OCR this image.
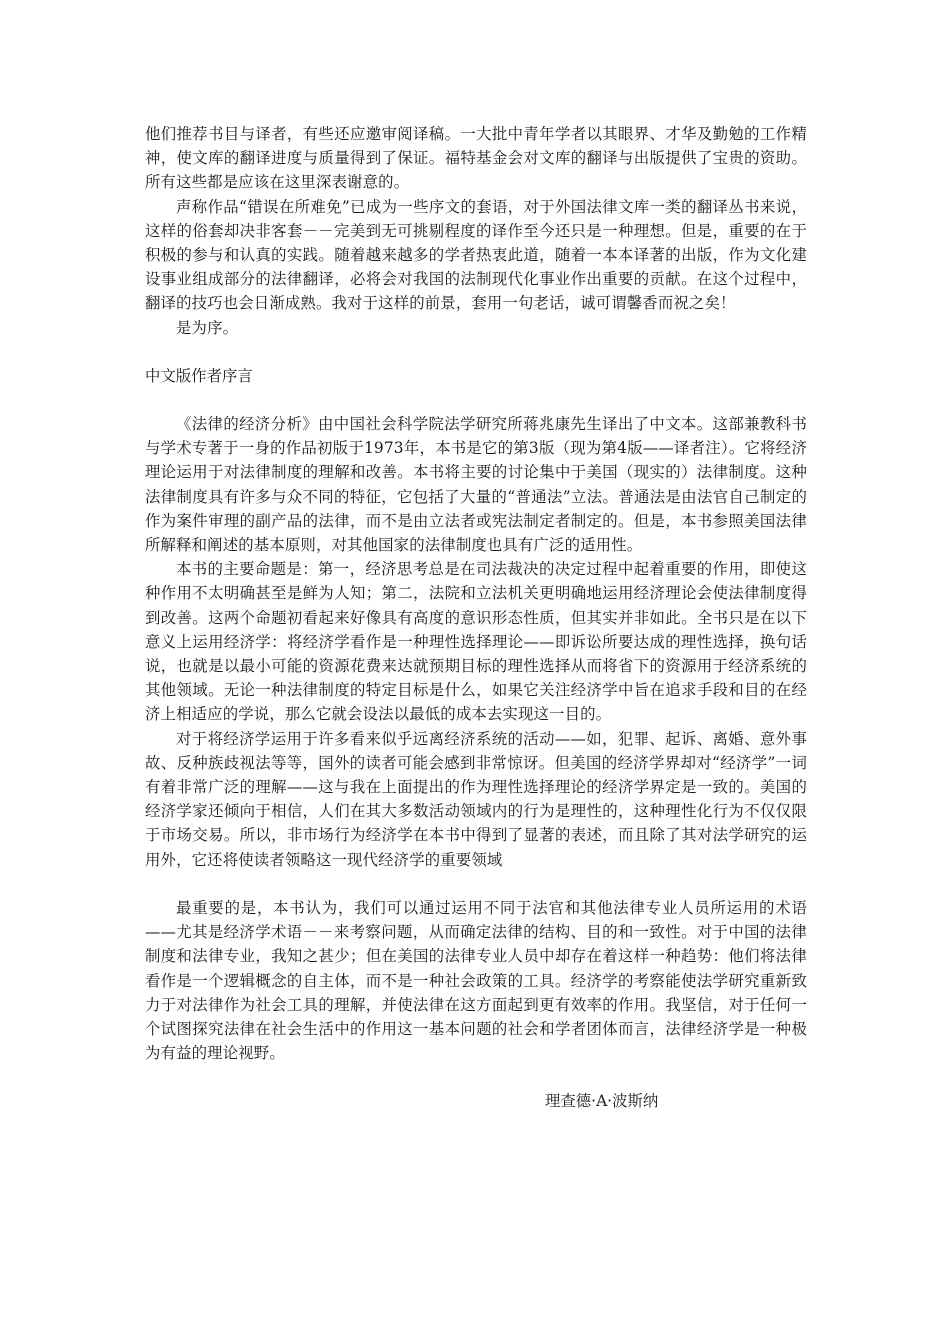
他们推荐书目与译者，有些还应邀审阅译稿。一大批中青年学者以其眼界、才华及勤勉的工作精神，使文库的翻译进度与质量得到了保证。福特基金会对文库的翻译与出版提供了宝贵的资助。所有这些都是应该在这里深表谢意的。

声称作品“错误在所难免”已成为一些序文的套语，对于外国法律文库一类的翻译丛书来说，这样的俗套却决非客套－－完美到无可挑剔程度的译作至今还只是一种理想。但是，重要的在于积极的参与和认真的实践。随着越来越多的学者热衷此道，随着一本本译著的出版，作为文化建设事业组成部分的法律翻译，必将会对我国的法制现代化事业作出重要的贡献。在这个过程中，翻译的技巧也会日渐成熟。我对于这样的前景，套用一句老话，诚可谓馨香而祝之矣！

是为序。

中文版作者序言

《法律的经济分析》由中国社会科学院法学研究所蒋兆康先生译出了中文本。这部兼教科书与学术专著于一身的作品初版于1973年，本书是它的第3版（现为第4版——译者注）。它将经济理论运用于对法律制度的理解和改善。本书将主要的讨论集中于美国（现实的）法律制度。这种法律制度具有许多与众不同的特征，它包括了大量的“普通法”立法。普通法是由法官自己制定的作为案件审理的副产品的法律，而不是由立法者或宪法制定者制定的。但是，本书参照美国法律所解释和阐述的基本原则，对其他国家的法律制度也具有广泛的适用性。

本书的主要命题是：第一，经济思考总是在司法裁决的决定过程中起着重要的作用，即使这种作用不太明确甚至是鲜为人知；第二，法院和立法机关更明确地运用经济理论会使法律制度得到改善。这两个命题初看起来好像具有高度的意识形态性质，但其实并非如此。全书只是在以下意义上运用经济学：将经济学看作是一种理性选择理论——即诉讼所要达成的理性选择，换句话说，也就是以最小可能的资源花费来达就预期目标的理性选择从而将省下的资源用于经济系统的其他领域。无论一种法律制度的特定目标是什么，如果它关注经济学中旨在追求手段和目的在经济上相适应的学说，那么它就会设法以最低的成本去实现这一目的。

对于将经济学运用于许多看来似乎远离经济系统的活动——如，犯罪、起诉、离婚、意外事故、反种族歧视法等等，国外的读者可能会感到非常惊讶。但美国的经济学界却对“经济学”一词有着非常广泛的理解——这与我在上面提出的作为理性选择理论的经济学界定是一致的。美国的经济学家还倾向于相信，人们在其大多数活动领域内的行为是理性的，这种理性化行为不仅仅限于市场交易。所以，非市场行为经济学在本书中得到了显著的表述，而且除了其对法学研究的运用外，它还将使读者领略这一现代经济学的重要领域

最重要的是，本书认为，我们可以通过运用不同于法官和其他法律专业人员所运用的术语——尤其是经济学术语－－来考察问题，从而确定法律的结构、目的和一致性。对于中国的法律制度和法律专业，我知之甚少；但在美国的法律专业人员中却存在着这样一种趋势：他们将法律看作是一个逻辑概念的自主体，而不是一种社会政策的工具。经济学的考察能使法学研究重新致力于对法律作为社会工具的理解，并使法律在这方面起到更有效率的作用。我坚信，对于任何一个试图探究法律在社会生活中的作用这一基本问题的社会和学者团体而言，法律经济学是一种极为有益的理论视野。

理查德·A·波斯纳
